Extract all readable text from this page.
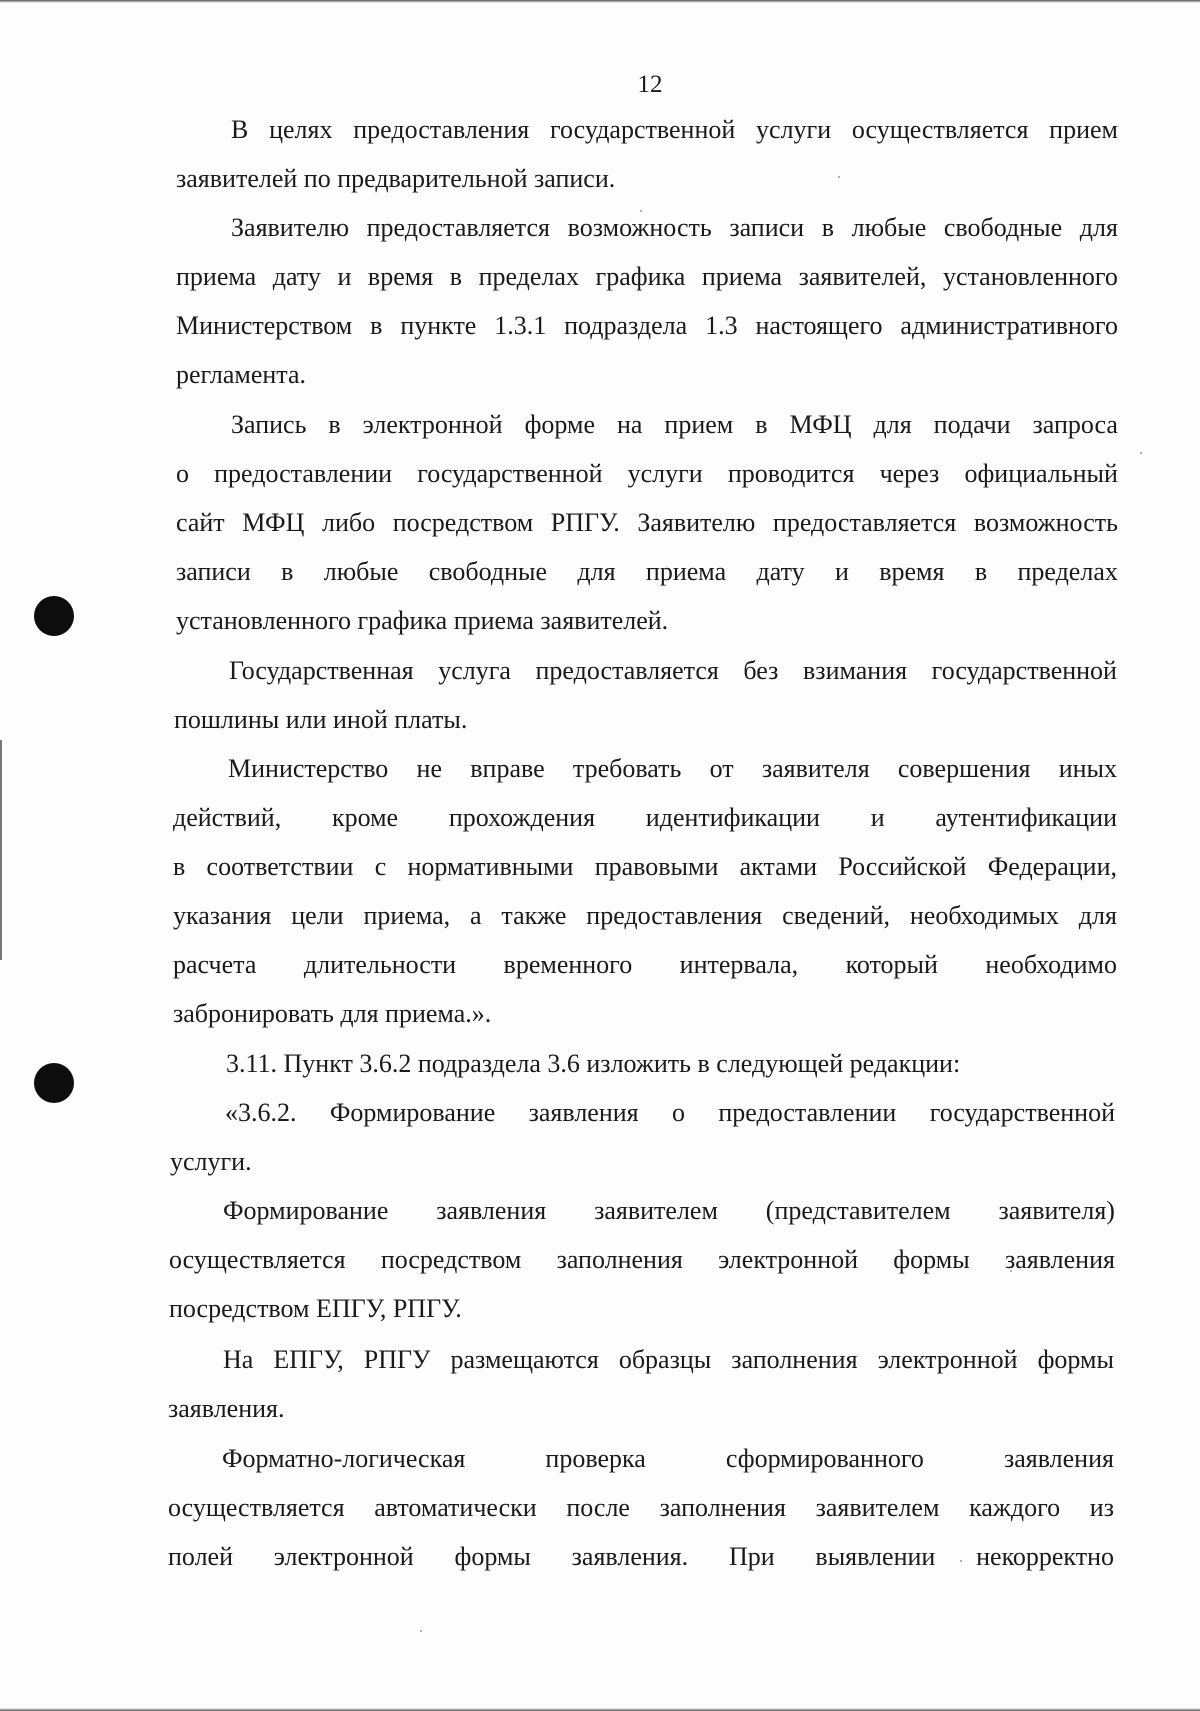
12
В целях предоставления государственной услуги осуществляется прием
заявителей по предварительной записи.
Заявителю предоставляется возможность записи в любые свободные для
приема дату и время в пределах графика приема заявителей, установленного
Министерством в пункте 1.3.1 подраздела 1.3 настоящего административного
регламента.
Запись в электронной форме на прием в МФЦ для подачи запроса
о предоставлении государственной услуги проводится через официальный
сайт МФЦ либо посредством РПГУ. Заявителю предоставляется возможность
записи в любые свободные для приема дату и время в пределах
установленного графика приема заявителей.
Государственная услуга предоставляется без взимания государственной
пошлины или иной платы.
Министерство не вправе требовать от заявителя совершения иных
действий, кроме прохождения идентификации и аутентификации
в соответствии с нормативными правовыми актами Российской Федерации,
указания цели приема, а также предоставления сведений, необходимых для
расчета длительности временного интервала, который необходимо
забронировать для приема.».
3.11. Пункт 3.6.2 подраздела 3.6 изложить в следующей редакции:
«3.6.2. Формирование заявления о предоставлении государственной
услуги.
Формирование заявления заявителем (представителем заявителя)
осуществляется посредством заполнения электронной формы заявления
посредством ЕПГУ, РПГУ.
На ЕПГУ, РПГУ размещаются образцы заполнения электронной формы
заявления.
Форматно-логическая	проверка	сформированного	заявления
осуществляется автоматически после заполнения заявителем каждого из
полей электронной формы заявления. При выявлении некорректно
